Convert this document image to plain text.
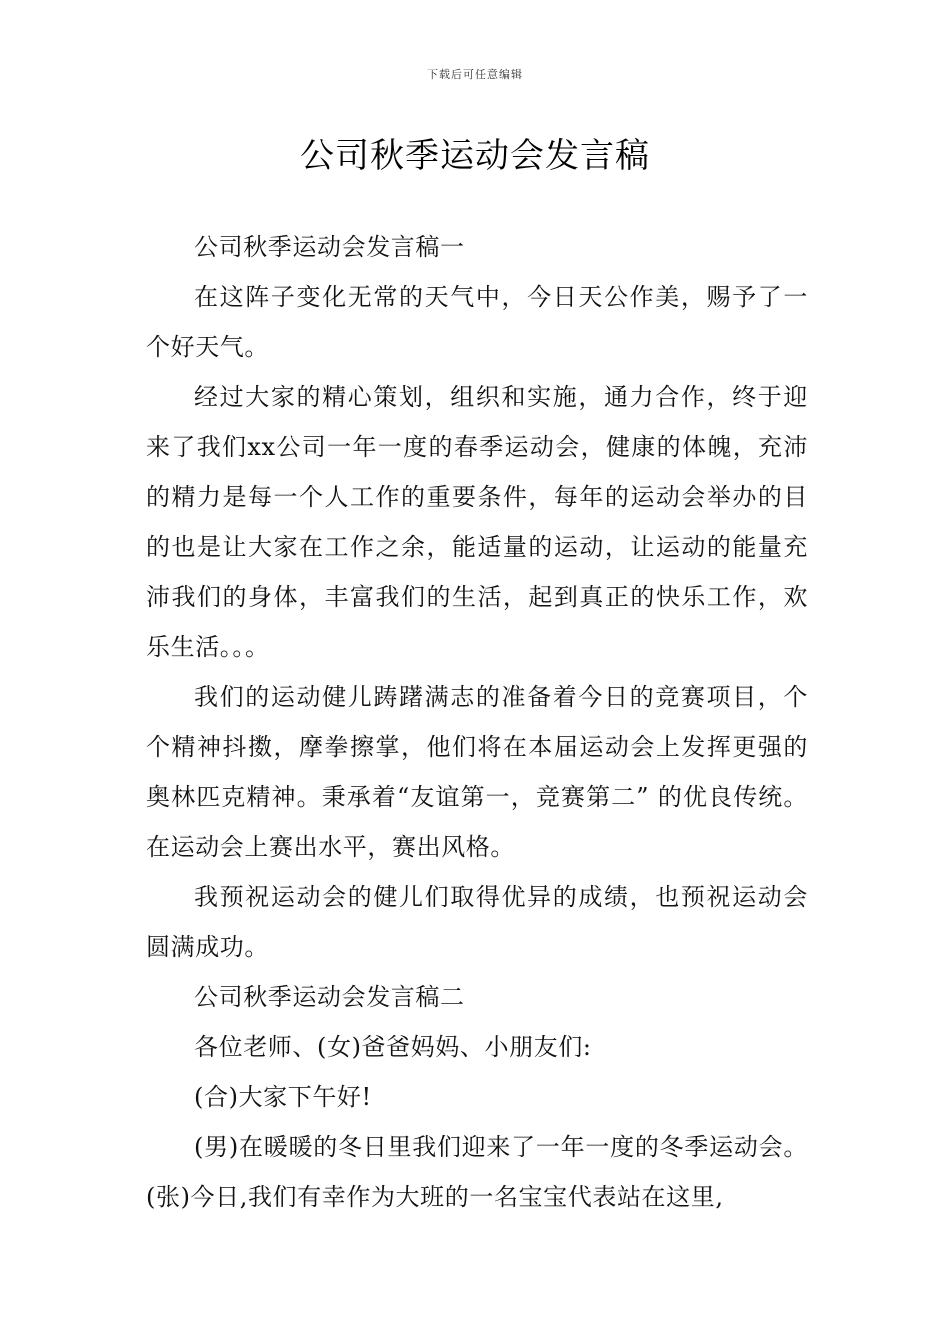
下载后可任意编辑
公司秋季运动会发言稿

公司秋季运动会发言稿一

在这阵子变化无常的天气中，今日天公作美，赐予了一个好天气。

经过大家的精心策划，组织和实施，通力合作，终于迎来了我们xx公司一年一度的春季运动会，健康的体魄，充沛的精力是每一个人工作的重要条件，每年的运动会举办的目的也是让大家在工作之余，能适量的运动，让运动的能量充沛我们的身体，丰富我们的生活，起到真正的快乐工作，欢乐生活。。。

我们的运动健儿踌躇满志的准备着今日的竞赛项目，个个精神抖擞，摩拳擦掌，他们将在本届运动会上发挥更强的奥林匹克精神。秉承着“友谊第一，竞赛第二” 的优良传统。在运动会上赛出水平，赛出风格。

我预祝运动会的健儿们取得优异的成绩，也预祝运动会圆满成功。

公司秋季运动会发言稿二

各位老师、(女)爸爸妈妈、小朋友们:

(合)大家下午好!

(男)在暖暖的冬日里我们迎来了一年一度的冬季运动会。(张)今日,我们有幸作为大班的一名宝宝代表站在这里,
